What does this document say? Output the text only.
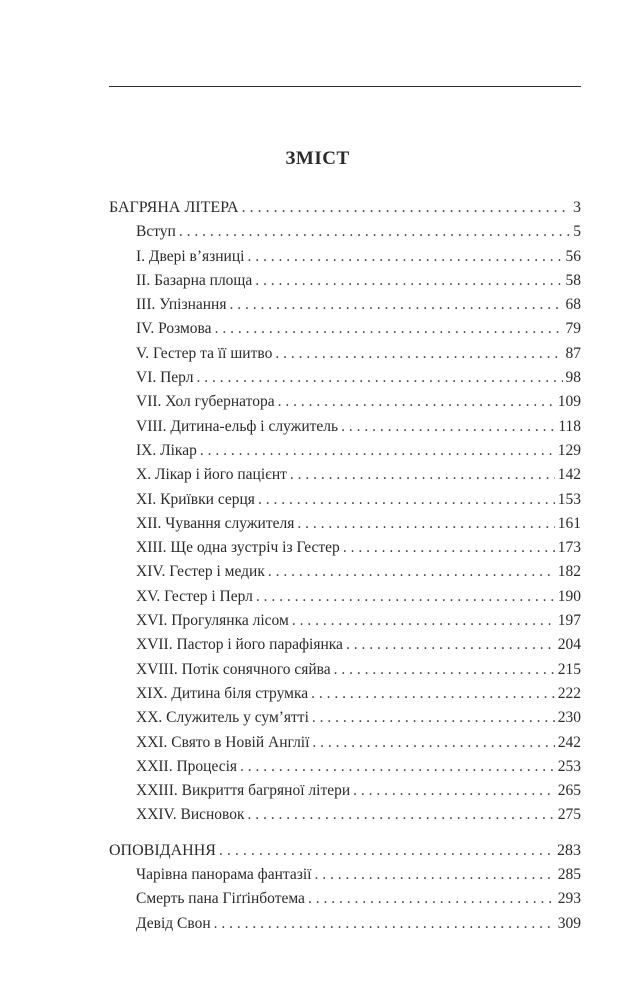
ЗМІСТ
БАГРЯНА ЛІТЕРА . . .	3
Вступ . . .	5
I. Двері в’язниці . . .	56
II. Базарна площа . . .	58
III. Упізнання . . .	68
IV. Розмова . . .	79
V. Гестер та її шитво . . .	87
VI. Перл . . .	98
VII. Хол губернатора . . .	109
VIII. Дитина-ельф і служитель . . .	118
IX. Лікар . . .	129
X. Лікар і його пацієнт . . .	142
XI. Криївки серця . . .	153
XII. Чування служителя . . .	161
XIII. Ще одна зустріч із Гестер . . .	173
XIV. Гестер і медик . . .	182
XV. Гестер і Перл . . .	190
XVI. Прогулянка лісом . . .	197
XVII. Пастор і його парафіянка . . .	204
XVIII. Потік сонячного сяйва . . .	215
XIX. Дитина біля струмка . . .	222
XX. Служитель у сум’ятті . . .	230
XXI. Свято в Новій Англії . . .	242
XXII. Процесія . . .	253
XXIII. Викриття багряної літери . . .	265
XXIV. Висновок . . .	275
ОПОВІДАННЯ . . .	283
Чарівна панорама фантазії . . .	285
Смерть пана Гіґґінботема . . .	293
Девід Свон . . .	309
